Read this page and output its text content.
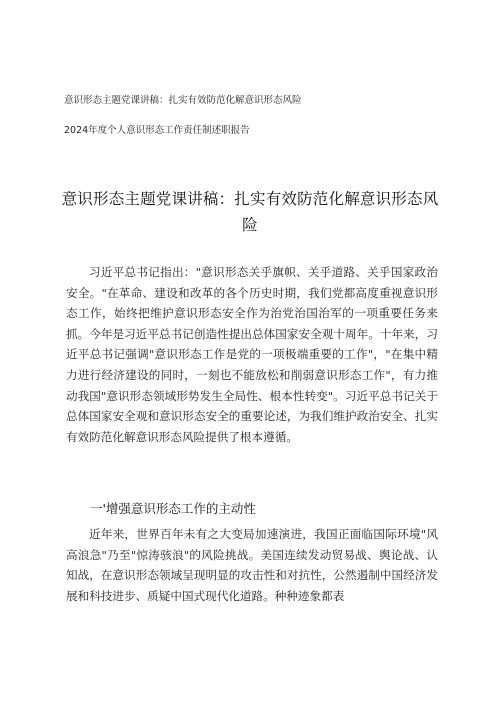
意识形态主题党课讲稿：扎实有效防范化解意识形态风险
2024年度个人意识形态工作责任制述职报告
意识形态主题党课讲稿：扎实有效防范化解意识形态风险

习近平总书记指出："意识形态关乎旗帜、关乎道路、关乎国家政治安全。"在革命、建设和改革的各个历史时期，我们党都高度重视意识形态工作，始终把维护意识形态安全作为治党治国治军的一项重要任务来抓。今年是习近平总书记创造性提出总体国家安全观十周年。十年来，习近平总书记强调"意识形态工作是党的一项极端重要的工作"，"在集中精力进行经济建设的同时，一刻也不能放松和削弱意识形态工作"，有力推动我国"意识形态领域形势发生全局性、根本性转变"。习近平总书记关于总体国家安全观和意识形态安全的重要论述，为我们维护政治安全、扎实有效防范化解意识形态风险提供了根本遵循。

一'增强意识形态工作的主动性

近年来，世界百年未有之大变局加速演进，我国正面临国际环境"风高浪急"乃至"惊涛骇浪"的风险挑战。美国连续发动贸易战、舆论战、认知战，在意识形态领域呈现明显的攻击性和对抗性，公然遏制中国经济发展和科技进步、质疑中国式现代化道路。种种迹象都表
